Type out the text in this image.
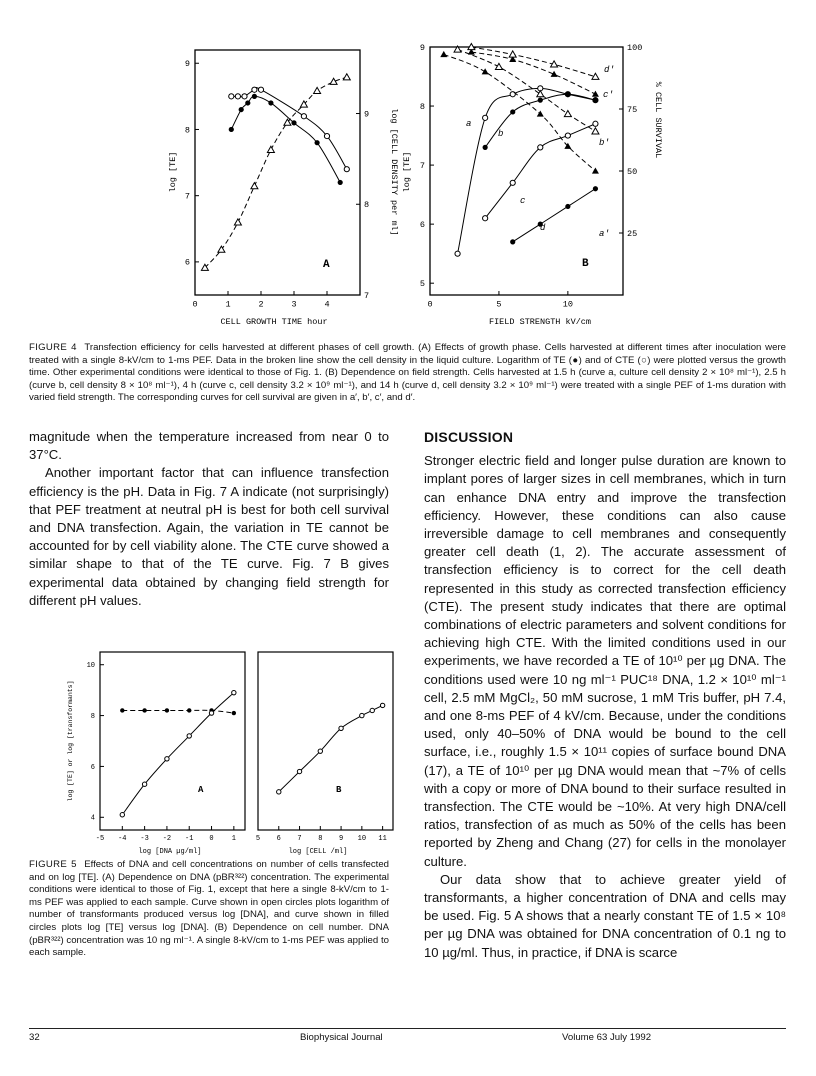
0	1	2	3	4
6
7
8
9
7
8
9
CELL GROWTH TIME hour
log [TE]	log [CELL DENSITY per ml]
A
0	5	10
5
6
7
8
9
25
50
75
100
FIELD STRENGTH kV/cm
log [TE]
% CELL SURVIVAL
B
a
b
c
d
a'
b'
c'
d'
FIGURE 4 Transfection efficiency for cells harvested at different phases of cell growth. (A) Effects of growth phase. Cells harvested at different times after inoculation were treated with a single 8-kV/cm to 1-ms PEF. Data in the broken line show the cell density in the liquid culture. Logarithm of TE (●) and of CTE (○) were plotted versus the growth time. Other experimental conditions were identical to those of Fig. 1. (B) Dependence on field strength. Cells harvested at 1.5 h (curve a, culture cell density 2 × 10⁸ ml⁻¹), 2.5 h (curve b, cell density 8 × 10⁸ ml⁻¹), 4 h (curve c, cell density 3.2 × 10⁹ ml⁻¹), and 14 h (curve d, cell density 3.2 × 10⁹ ml⁻¹) were treated with a single PEF of 1-ms duration with varied field strength. The corresponding curves for cell survival are given in a′, b′, c′, and d′.

magnitude when the temperature increased from near 0 to 37°C.

Another important factor that can influence transfection efficiency is the pH. Data in Fig. 7 A indicate (not surprisingly) that PEF treatment at neutral pH is best for both cell survival and DNA transfection. Again, the variation in TE cannot be accounted for by cell viability alone. The CTE curve showed a similar shape to that of the TE curve. Fig. 7 B gives experimental data obtained by changing field strength for different pH values.

-5 -4 -3 -2 -1 0	1
4
6
8
10
log [DNA µg/ml]
log [TE] or log [transformants]	A
5 6 7 8 9 10 11
log [CELL /ml]
B
FIGURE 5 Effects of DNA and cell concentrations on number of cells transfected and on log [TE]. (A) Dependence on DNA (pBR³²²) concentration. The experimental conditions were identical to those of Fig. 1, except that here a single 8-kV/cm to 1-ms PEF was applied to each sample. Curve shown in open circles plots logarithm of number of transformants produced versus log [DNA], and curve shown in filled circles plots log [TE] versus log [DNA]. (B) Dependence on cell number. DNA (pBR³²²) concentration was 10 ng ml⁻¹. A single 8-kV/cm to 1-ms PEF was applied to each sample.
DISCUSSION

Stronger electric field and longer pulse duration are known to implant pores of larger sizes in cell membranes, which in turn can enhance DNA entry and improve the transfection efficiency. However, these conditions can also cause irreversible damage to cell membranes and consequently greater cell death (1, 2). The accurate assessment of transfection efficiency is to correct for the cell death represented in this study as corrected transfection efficiency (CTE). The present study indicates that there are optimal combinations of electric parameters and solvent conditions for achieving high CTE. With the limited conditions used in our experiments, we have recorded a TE of 10¹⁰ per µg DNA. The conditions used were 10 ng ml⁻¹ PUC¹⁸ DNA, 1.2 × 10¹⁰ ml⁻¹ cell, 2.5 mM MgCl₂, 50 mM sucrose, 1 mM Tris buffer, pH 7.4, and one 8-ms PEF of 4 kV/cm. Because, under the conditions used, only 40–50% of DNA would be bound to the cell surface, i.e., roughly 1.5 × 10¹¹ copies of surface bound DNA (17), a TE of 10¹⁰ per µg DNA would mean that ~7% of cells with a copy or more of DNA bound to their surface resulted in transfection. The CTE would be ~10%. At very high DNA/cell ratios, transfection of as much as 50% of the cells has been reported by Zheng and Chang (27) for cells in the monolayer culture.

Our data show that to achieve greater yield of transformants, a higher concentration of DNA and cells may be used. Fig. 5 A shows that a nearly constant TE of 1.5 × 10⁸ per µg DNA was obtained for DNA concentration of 0.1 ng to 10 µg/ml. Thus, in practice, if DNA is scarce

32	Biophysical Journal	Volume 63 July 1992
